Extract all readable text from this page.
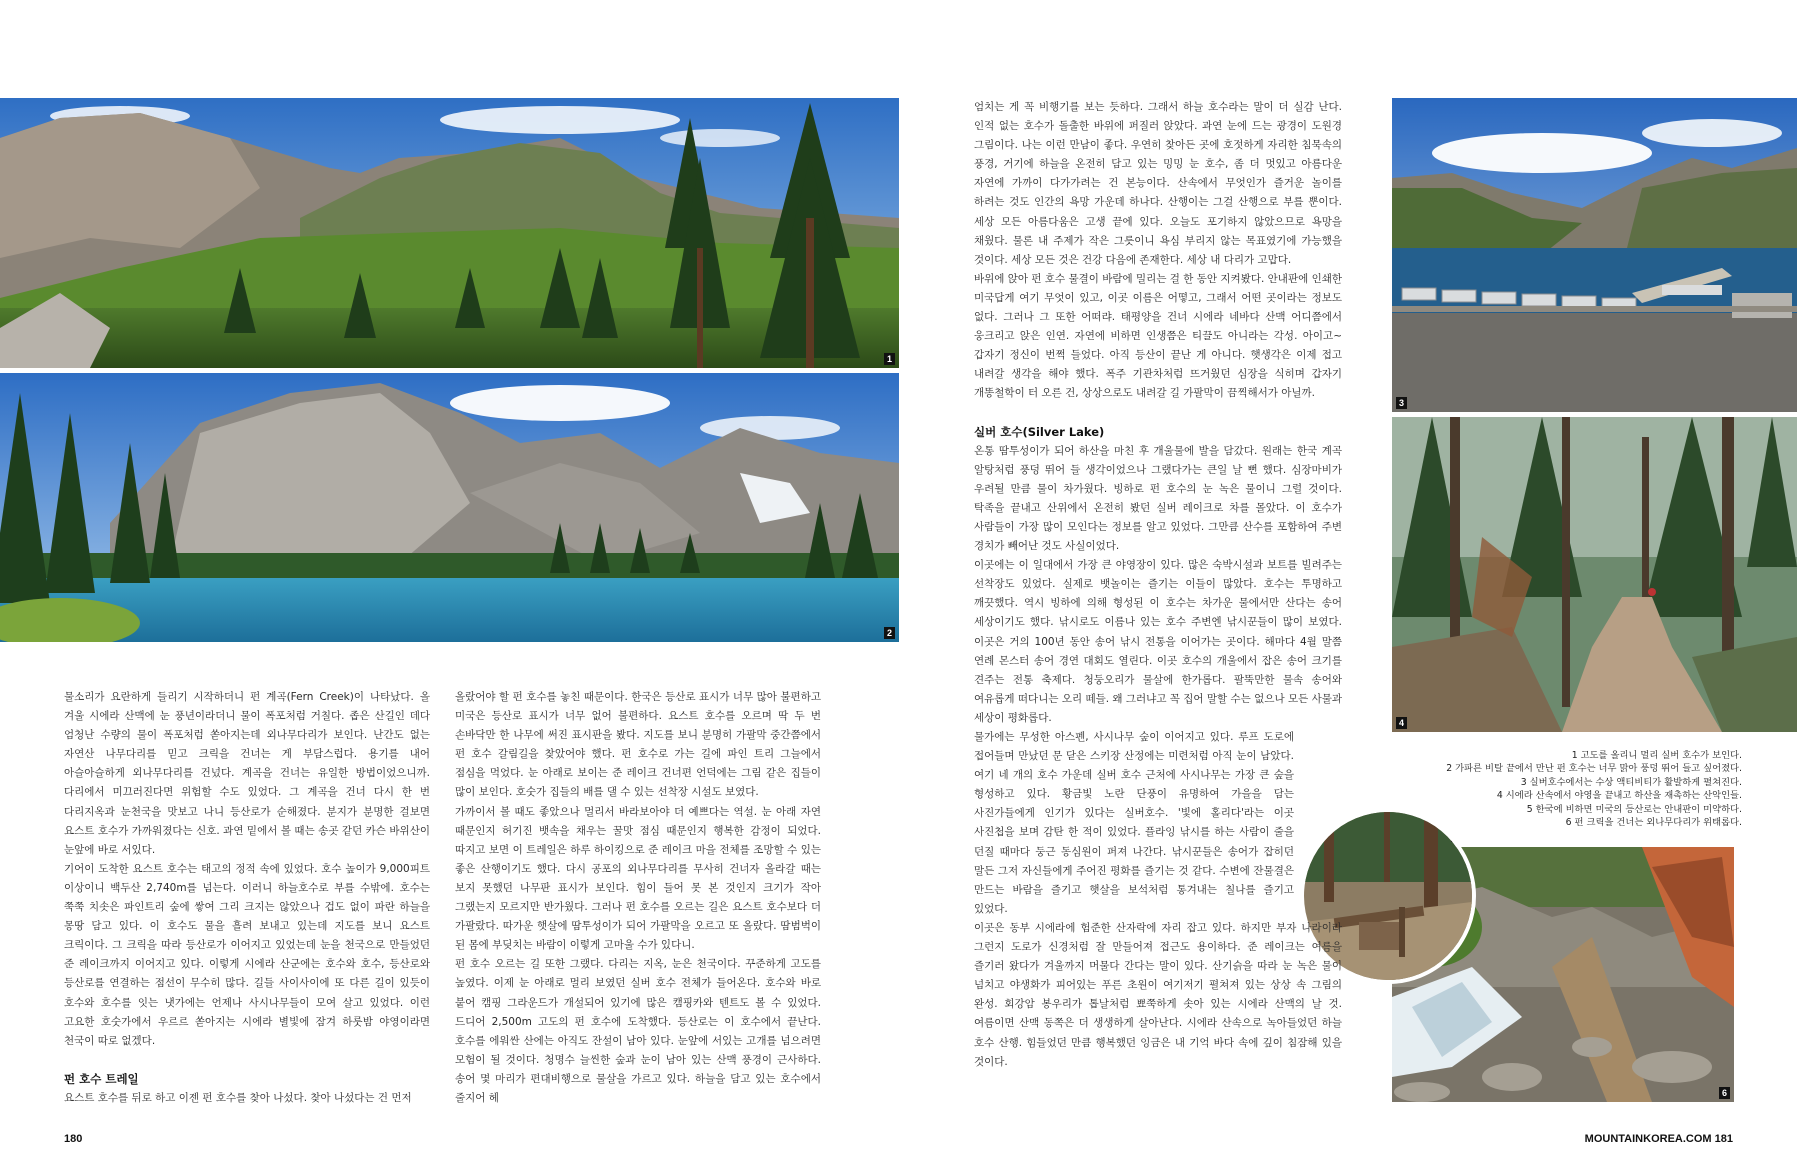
1
2
3
4
6
5

물소리가 요란하게 들리기 시작하더니 펀 계곡(Fern Creek)이 나타났다. 올 겨울 시에라 산맥에 눈 풍년이라더니 물이 폭포처럼 거칠다. 좁은 산길인 데다 엄청난 수량의 물이 폭포처럼 쏟아지는데 외나무다리가 보인다. 난간도 없는 자연산 나무다리를 믿고 크릭을 건너는 게 부담스럽다. 용기를 내어 아슬아슬하게 외나무다리를 건넜다. 계곡을 건너는 유일한 방법이었으니까. 다리에서 미끄러진다면 위험할 수도 있었다. 그 계곡을 건너 다시 한 번 다리지옥과 눈천국을 맛보고 나니 등산로가 순해졌다. 분지가 분명한 걸보면 요스트 호수가 가까워졌다는 신호. 과연 밑에서 볼 때는 송곳 같던 카슨 바위산이 눈앞에 바로 서있다.

기어이 도착한 요스트 호수는 태고의 정적 속에 있었다. 호수 높이가 9,000피트 이상이니 백두산 2,740m를 넘는다. 이러니 하늘호수로 부를 수밖에. 호수는 쭉쭉 치솟은 파인트리 숲에 쌓여 그리 크지는 않았으나 겁도 없이 파란 하늘을 몽땅 담고 있다. 이 호수도 물을 흘려 보내고 있는데 지도를 보니 요스트 크릭이다. 그 크릭을 따라 등산로가 이어지고 있었는데 눈을 천국으로 만들었던 준 레이크까지 이어지고 있다. 이렇게 시에라 산군에는 호수와 호수, 등산로와 등산로를 연결하는 점선이 무수히 많다. 길들 사이사이에 또 다른 길이 있듯이 호수와 호수를 잇는 냇가에는 언제나 사시나무들이 모여 살고 있었다. 이런 고요한 호숫가에서 우르르 쏟아지는 시에라 별빛에 잠겨 하룻밤 야영이라면 천국이 따로 없겠다.

펀 호수 트레일

요스트 호수를 뒤로 하고 이젠 펀 호수를 찾아 나섰다. 찾아 나섰다는 건 먼저

올랐어야 할 펀 호수를 놓친 때문이다. 한국은 등산로 표시가 너무 많아 불편하고 미국은 등산로 표시가 너무 없어 불편하다. 요스트 호수를 오르며 딱 두 번 손바닥만 한 나무에 써진 표시판을 봤다. 지도를 보니 분명히 가팔막 중간쯤에서 펀 호수 갈림길을 찾았어야 했다. 펀 호수로 가는 길에 파인 트리 그늘에서 점심을 먹었다. 눈 아래로 보이는 준 레이크 건너편 언덕에는 그림 같은 집들이 많이 보인다. 호숫가 집들의 배를 댈 수 있는 선착장 시설도 보였다.

가까이서 볼 때도 좋았으나 멀리서 바라보아야 더 예쁘다는 역설. 눈 아래 자연 때문인지 허기진 뱃속을 채우는 꿀맛 점심 때문인지 행복한 감정이 되었다. 따지고 보면 이 트레일은 하루 하이킹으로 준 레이크 마을 전체를 조망할 수 있는 좋은 산행이기도 했다. 다시 공포의 외나무다리를 무사히 건너자 올라갈 때는 보지 못했던 나무판 표시가 보인다. 힘이 들어 못 본 것인지 크기가 작아 그랬는지 모르지만 반가웠다. 그러나 펀 호수를 오르는 길은 요스트 호수보다 더 가팔랐다. 따가운 햇살에 땀투성이가 되어 가팔막을 오르고 또 올랐다. 땀범벅이 된 몸에 부딪치는 바람이 이렇게 고마울 수가 있다니.

펀 호수 오르는 길 또한 그랬다. 다리는 지옥, 눈은 천국이다. 꾸준하게 고도를 높였다. 이제 눈 아래로 멀리 보였던 실버 호수 전체가 들어온다. 호수와 바로 붙어 캠핑 그라운드가 개설되어 있기에 많은 캠핑카와 텐트도 볼 수 있었다. 드디어 2,500m 고도의 펀 호수에 도착했다. 등산로는 이 호수에서 끝난다. 호수를 에워싼 산에는 아직도 잔설이 남아 있다. 눈앞에 서있는 고개를 넘으려면 모험이 될 것이다. 청명수 늘씬한 숲과 눈이 남아 있는 산맥 풍경이 근사하다. 송어 몇 마리가 편대비행으로 물살을 가르고 있다. 하늘을 담고 있는 호수에서 줄지어 헤

180

엄치는 게 꼭 비행기를 보는 듯하다. 그래서 하늘 호수라는 말이 더 실감 난다. 인적 없는 호수가 돌출한 바위에 퍼질러 앉았다. 과연 눈에 드는 광경이 도원경 그림이다. 나는 이런 만남이 좋다. 우연히 찾아든 곳에 호젓하게 자리한 침묵속의 풍경, 거기에 하늘을 온전히 담고 있는 밍밍 눈 호수, 좀 더 멋있고 아름다운 자연에 가까이 다가가려는 건 본능이다. 산속에서 무엇인가 즐거운 놀이를 하려는 것도 인간의 욕망 가운데 하나다. 산행이는 그걸 산행으로 부를 뿐이다. 세상 모든 아름다움은 고생 끝에 있다. 오늘도 포기하지 않았으므로 욕망을 채웠다. 물론 내 주제가 작은 그릇이니 욕심 부리지 않는 목표였기에 가능했을 것이다. 세상 모든 것은 건강 다음에 존재한다. 세상 내 다리가 고맙다.

바위에 앉아 펀 호수 물결이 바람에 밀리는 걸 한 동안 지켜봤다. 안내판에 인쇄한 미국답게 여기 무엇이 있고, 이곳 이름은 어떻고, 그래서 어떤 곳이라는 정보도 없다. 그러나 그 또한 어떠랴. 태평양을 건너 시에라 네바다 산맥 어디쯤에서 웅크리고 앉은 인연. 자연에 비하면 인생쯤은 티끌도 아니라는 각성. 아이고~ 갑자기 정신이 번쩍 들었다. 아직 등산이 끝난 게 아니다. 햇생각은 이제 접고 내려갈 생각을 해야 했다. 폭주 기관차처럼 뜨거웠던 심장을 식히며 갑자기 개똥철학이 터 오른 건, 상상으로도 내려갈 길 가팔막이 끔찍해서가 아닐까.

실버 호수(Silver Lake)

온통 땀투성이가 되어 하산을 마친 후 개울물에 발을 담갔다. 원래는 한국 계곡 알탕처럼 풍덩 뛰어 들 생각이었으나 그랬다가는 큰일 날 뻔 했다. 심장마비가 우려될 만큼 물이 차가웠다. 빙하로 펀 호수의 눈 녹은 물이니 그럴 것이다. 탁족을 끝내고 산위에서 온전히 봤던 실버 레이크로 차를 몰았다. 이 호수가 사람들이 가장 많이 모인다는 정보를 알고 있었다. 그만큼 산수를 포함하여 주변 경치가 빼어난 것도 사실이었다.

이곳에는 이 일대에서 가장 큰 야영장이 있다. 많은 숙박시설과 보트를 빌려주는 선착장도 있었다. 실제로 뱃놀이는 즐기는 이들이 많았다. 호수는 투명하고 깨끗했다. 역시 빙하에 의해 형성된 이 호수는 차가운 물에서만 산다는 송어 세상이기도 했다. 낚시로도 이름나 있는 호수 주변엔 낚시꾼들이 많이 보였다. 이곳은 거의 100년 동안 송어 낚시 전통을 이어가는 곳이다. 해마다 4월 말쯤 연례 몬스터 송어 경연 대회도 열린다. 이곳 호수의 개울에서 잡은 송어 크기를 견주는 전통 축제다. 청둥오리가 물살에 한가롭다. 팔뚝만한 물속 송어와 여유롭게 떠다니는 오리 떼들. 왜 그러냐고 꼭 집어 말할 수는 없으나 모든 사물과 세상이 평화롭다.

물가에는 무성한 아스펜, 사시나무 숲이 이어지고 있다. 루프 도로에 접어들며 만났던 문 닫은 스키장 산정에는 미련처럼 아직 눈이 남았다. 여기 네 개의 호수 가운데 실버 호수 근처에 사시나무는 가장 큰 숲을 형성하고 있다. 황금빛 노란 단풍이 유명하여 가을을 담는 사진가들에게 인기가 있다는 실버호수. '빛에 홀리다'라는 이곳 사진첩을 보며 감탄 한 적이 있었다. 플라잉 낚시를 하는 사람이 줄을 던질 때마다 둥근 동심원이 퍼져 나간다. 낚시꾼들은 송어가 잡히던 말든 그저 자신들에게 주어진 평화를 즐기는 것 같다. 수변에 잔물결은 만드는 바람을 즐기고 햇살을 보석처럼 통겨내는 칠나를 즐기고 있었다.

이곳은 동부 시에라에 험준한 산자락에 자리 잡고 있다. 하지만 부자 나라이라 그런지 도로가 신경처럼 잘 만들어져 접근도 용이하다. 준 레이크는 여름을 즐기러 왔다가 겨울까지 머물다 간다는 말이 있다. 산기슭을 따라 눈 녹은 물이 넘치고 야생화가 피어있는 푸른 초원이 여기저기 펼쳐져 있는 상상 속 그림의 완성. 회강암 봉우리가 톱날처럼 뾰쭉하게 솟아 있는 시에라 산맥의 날 것. 여름이면 산맥 동쪽은 더 생생하게 살아난다. 시에라 산속으로 녹아들었던 하늘 호수 산행. 힘들었던 만큼 행복했던 잉금은 내 기억 바다 속에 깊이 침잠해 있을 것이다.

1 고도를 올리니 멀리 실버 호수가 보인다.
2 가파른 비탈 끝에서 만난 펀 호수는 너무 맑아 풍덩 뛰어 들고 싶어졌다.
3 실버호수에서는 수상 액티비티가 활발하게 펼쳐진다.
4 시에라 산속에서 야영을 끝내고 하산을 재촉하는 산악인들.
5 한국에 비하면 미국의 등산로는 안내판이 미약하다.
6 펀 크릭을 건너는 외나무다리가 위태롭다.
MOUNTAINKOREA.COM 181
